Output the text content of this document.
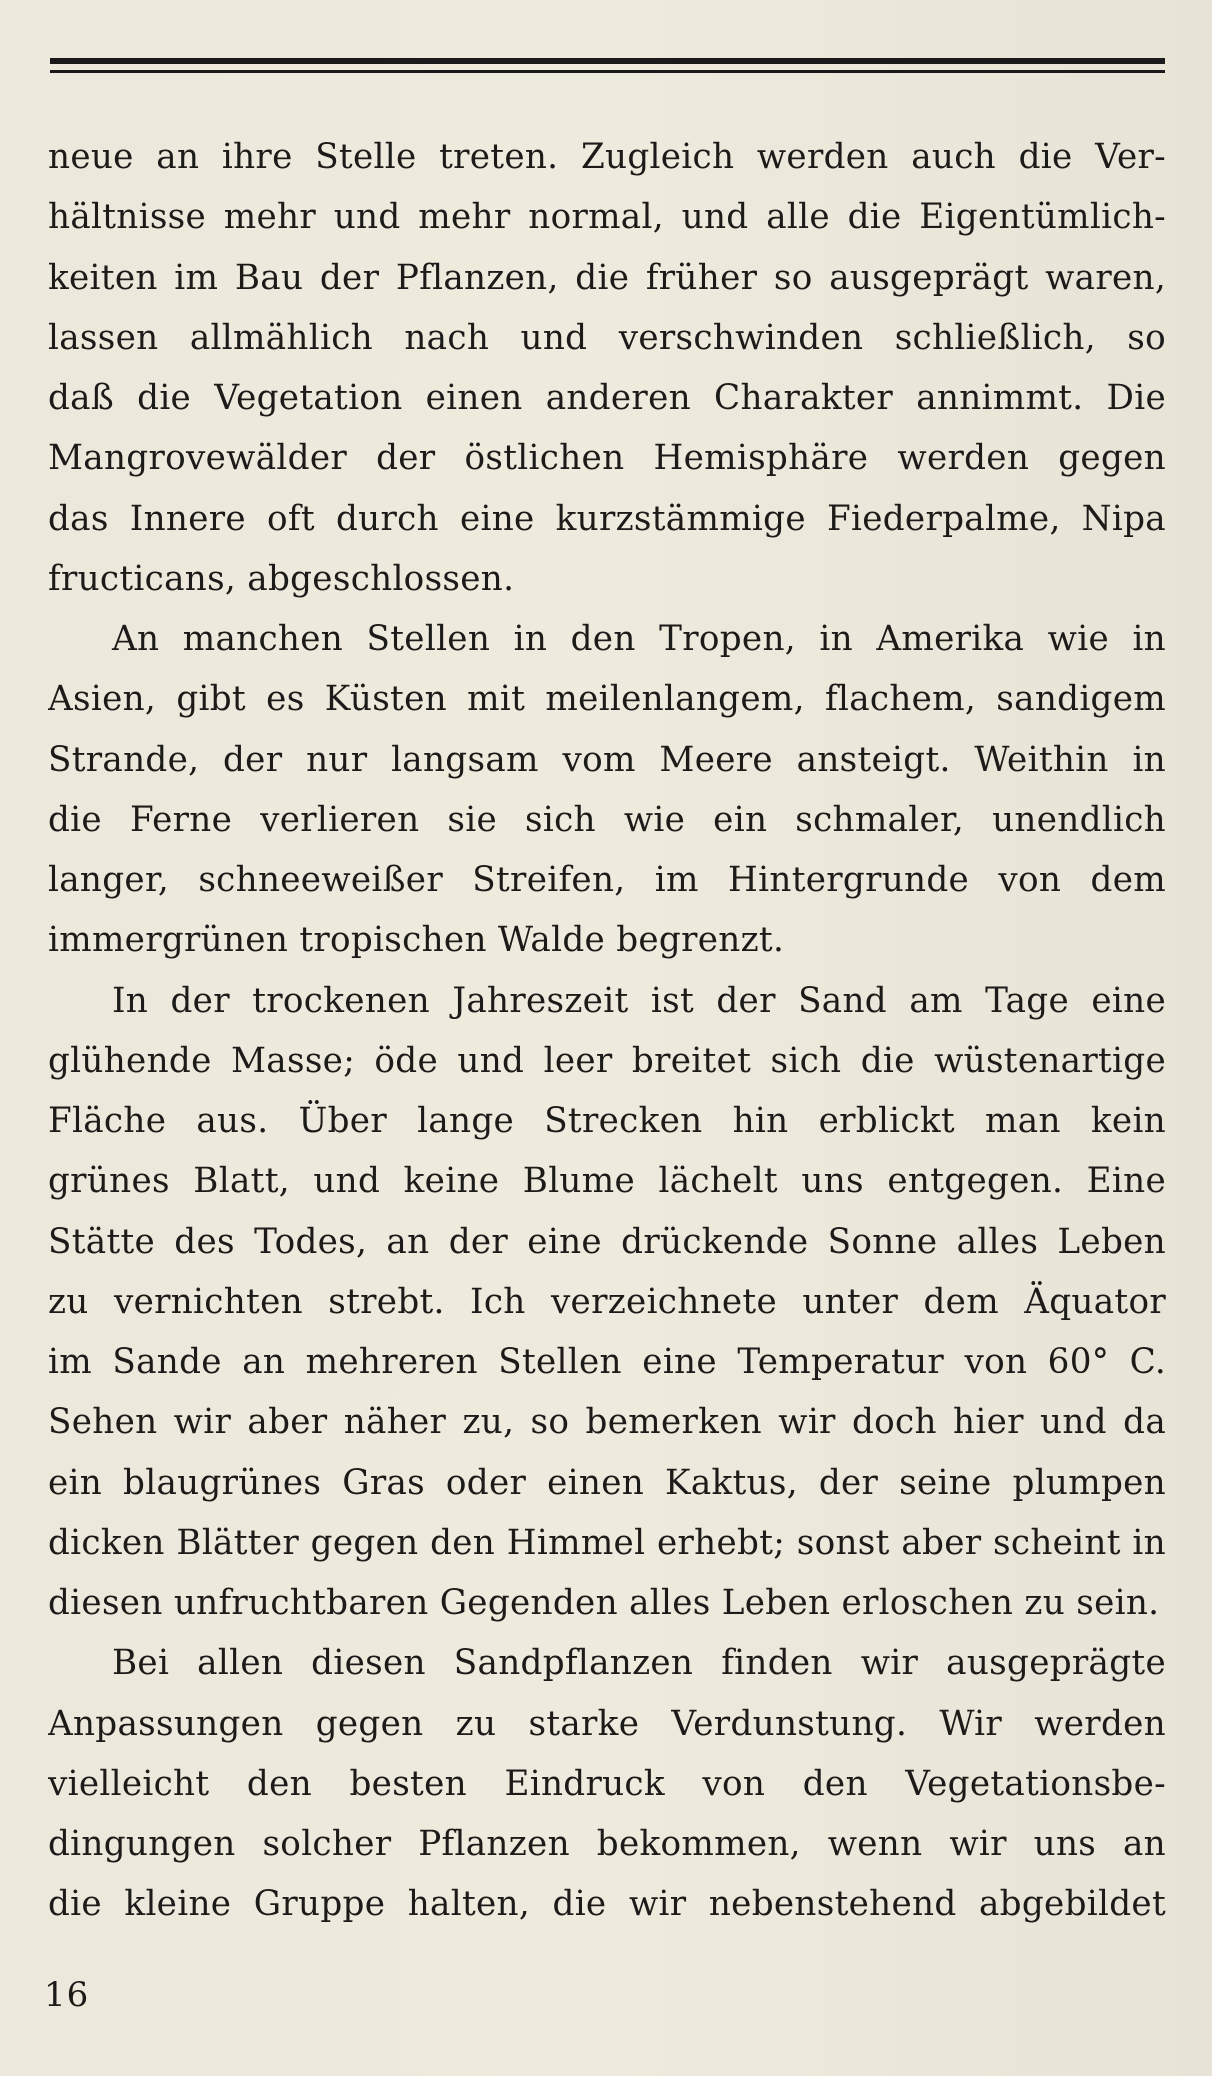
neue an ihre Stelle treten. Zugleich werden auch die Ver-
hältnisse mehr und mehr normal, und alle die Eigentümlich-
keiten im Bau der Pflanzen, die früher so ausgeprägt waren,
lassen allmählich nach und verschwinden schließlich, so
daß die Vegetation einen anderen Charakter annimmt. Die
Mangrovewälder der östlichen Hemisphäre werden gegen
das Innere oft durch eine kurzstämmige Fiederpalme, Nipa
fructicans, abgeschlossen.
An manchen Stellen in den Tropen, in Amerika wie in
Asien, gibt es Küsten mit meilenlangem, flachem, sandigem
Strande, der nur langsam vom Meere ansteigt. Weithin in
die Ferne verlieren sie sich wie ein schmaler, unendlich
langer, schneeweißer Streifen, im Hintergrunde von dem
immergrünen tropischen Walde begrenzt.
In der trockenen Jahreszeit ist der Sand am Tage eine
glühende Masse; öde und leer breitet sich die wüstenartige
Fläche aus. Über lange Strecken hin erblickt man kein
grünes Blatt, und keine Blume lächelt uns entgegen. Eine
Stätte des Todes, an der eine drückende Sonne alles Leben
zu vernichten strebt. Ich verzeichnete unter dem Äquator
im Sande an mehreren Stellen eine Temperatur von 60° C.
Sehen wir aber näher zu, so bemerken wir doch hier und da
ein blaugrünes Gras oder einen Kaktus, der seine plumpen
dicken Blätter gegen den Himmel erhebt; sonst aber scheint in
diesen unfruchtbaren Gegenden alles Leben erloschen zu sein.
Bei allen diesen Sandpflanzen finden wir ausgeprägte
Anpassungen gegen zu starke Verdunstung. Wir werden
vielleicht den besten Eindruck von den Vegetationsbe-
dingungen solcher Pflanzen bekommen, wenn wir uns an
die kleine Gruppe halten, die wir nebenstehend abgebildet
16
